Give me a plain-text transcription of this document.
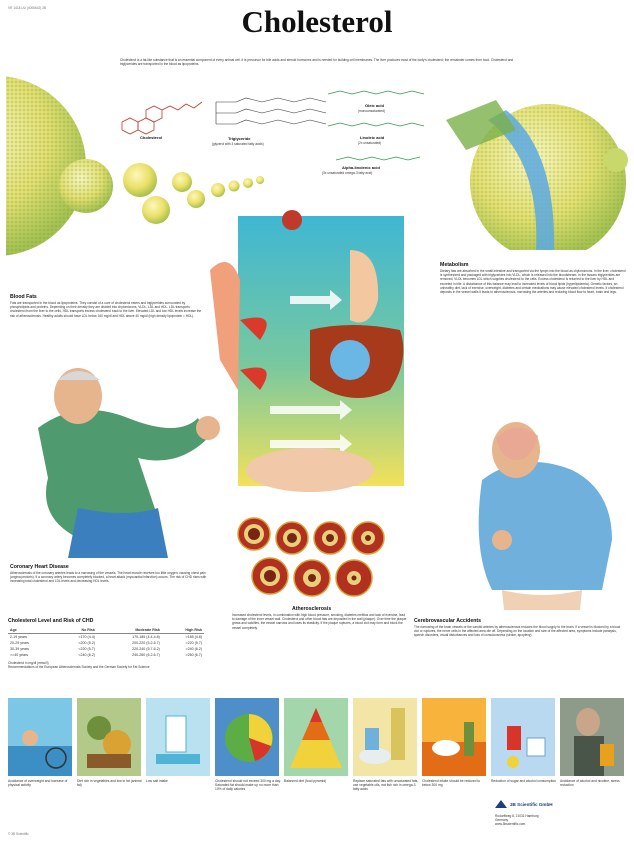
VR 1418 UU (4006642) 2B	Cholesterol
Cholesterol is a fat-like substance that is an essential component of every animal cell. It is precursor for bile acids and steroid hormones and is needed for building cell membranes. The liver produces most of the body's cholesterol; the remainder comes from food. Cholesterol and triglycerides are transported in the blood as lipoproteins.
Cholesterol	Triglyceride
(glycerol with 3 saturated fatty acids)
Oleic acid
(monounsaturated)
Linoleic acid
(2x unsaturated)
Alpha-linolenic acid
(3x unsaturated omega-3 fatty acid)
Blood Fats
Fats are transported in the blood as lipoproteins. They consist of a core of cholesterol esters and triglycerides surrounded by phospholipids and proteins. Depending on their density they are divided into chylomicrons, VLDL, LDL and HDL. LDL transports cholesterol from the liver to the cells, HDL transports excess cholesterol back to the liver. Elevated LDL and low HDL levels increase the risk of atherosclerosis. Healthy adults should have LDL below 160 mg/dl and HDL above 40 mg/dl (high density lipoprotein = HDL).
Metabolism
Dietary fats are absorbed in the small intestine and transported via the lymph into the blood as chylomicrons. In the liver, cholesterol is synthesized and packaged with triglycerides into VLDL, which is released into the bloodstream. In the tissues triglycerides are removed, VLDL becomes LDL which supplies cholesterol to the cells. Excess cholesterol is returned to the liver by HDL and excreted in bile. A disturbance of this balance may lead to increased levels of blood lipids (hyperlipidemia). Genetic factors, an unhealthy diet, lack of exercise, overweight, diabetes and certain medications may cause elevated cholesterol levels. If cholesterol deposits in the vessel walls it leads to atherosclerosis, narrowing the arteries and reducing blood flow to heart, brain and legs.
Coronary Heart Disease
Atherosclerosis of the coronary arteries leads to a narrowing of the vessels. The heart muscle receives too little oxygen, causing chest pain (angina pectoris). If a coronary artery becomes completely blocked, a heart attack (myocardial infarction) occurs. The risk of CHD rises with increasing total cholesterol and LDL levels and decreasing HDL levels.
Cholesterol Level and Risk of CHD
Age	No Risk	Moderate Risk	High Risk
2-19 years	<170 (4.4)	170-185 (4.4-4.8)	>185 (4.8)
20-29 years	<200 (5.2)	200-220 (5.2-5.7)	>220 (5.7)
30-39 years	<220 (5.7)	220-240 (5.7-6.2)	>240 (6.2)
>=40 years	<240 (6.2)	240-260 (6.2-6.7)	>260 (6.7)
Cholesterol in mg/dl (mmol/l)
Recommendations of the European Atherosclerosis Society and the German Society for Fat Science
Atherosclerosis
Increased cholesterol levels, in combination with high blood pressure, smoking, diabetes mellitus and lack of exercise, lead to damage of the inner vessel wall. Cholesterol and other blood fats are deposited in the wall (plaque). Over time the plaque grows and calcifies, the vessel narrows and loses its elasticity. If the plaque ruptures, a blood clot may form and block the vessel completely.
Cerebrovascular Accidents
The narrowing of the brain vessels or the carotid arteries by atherosclerosis reduces the blood supply to the brain. If a vessel is blocked by a blood clot or ruptures, the nerve cells in the affected area die off. Depending on the location and size of the affected area, symptoms include paralysis, speech disorders, visual disturbances and loss of consciousness (stroke, apoplexy).
Avoidance of overweight and increase of physical activity
Diet rich in vegetables and low in fat (animal fat)
Low salt intake	Cholesterol should not exceed 300 mg a day. Saturated fat should make up no more than 10% of daily calories
Balanced diet (food pyramid)	Replace saturated fats with unsaturated fats, use vegetable oils, eat fish rich in omega-3 fatty acids
Cholesterol intake should be reduced to below 300 mg
Reduction of sugar and alcohol consumption Avoidance of alcohol and nicotine, stress reduction
3B Scientific GmbH
Rudorffweg 8, 21031 Hamburg
Germany
www.3bscientific.com
© 3B Scientific
